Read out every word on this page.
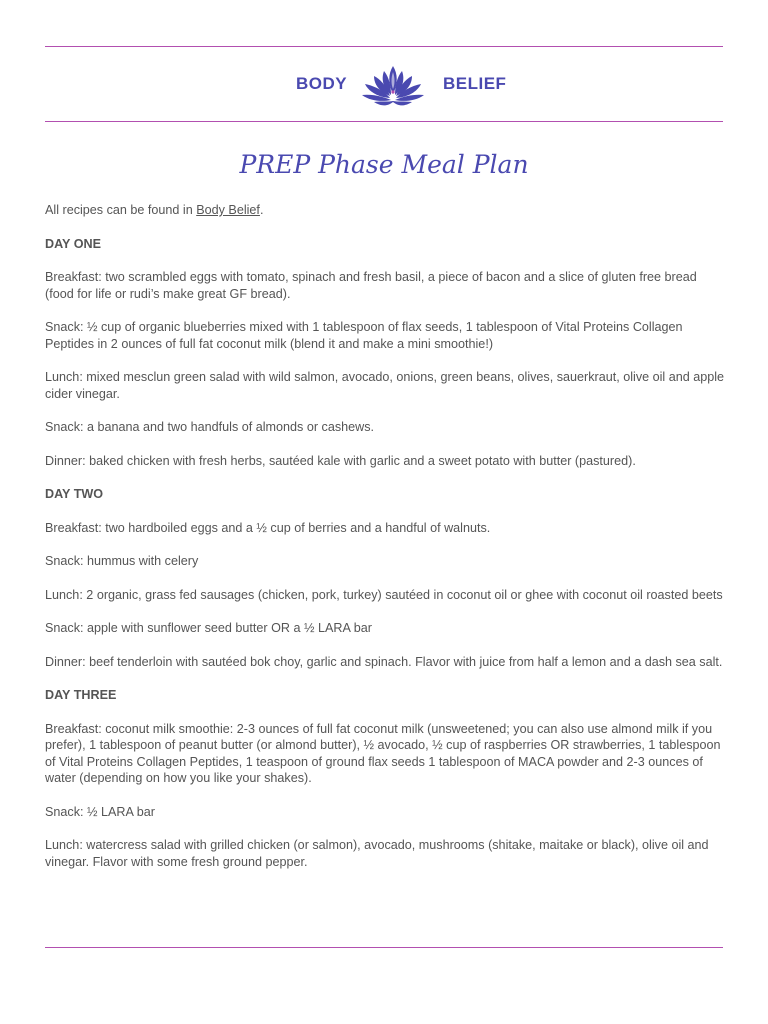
BODY	BELIEF
PREP Phase Meal Plan

All recipes can be found in Body Belief.

DAY ONE

Breakfast: two scrambled eggs with tomato, spinach and fresh basil, a piece of bacon and a slice of gluten free bread (food for life or rudi’s make great GF bread).

Snack: ½ cup of organic blueberries mixed with 1 tablespoon of flax seeds, 1 tablespoon of Vital Proteins Collagen Peptides in 2 ounces of full fat coconut milk (blend it and make a mini smoothie!)

Lunch: mixed mesclun green salad with wild salmon, avocado, onions, green beans, olives, sauerkraut, olive oil and apple cider vinegar.

Snack: a banana and two handfuls of almonds or cashews.

Dinner: baked chicken with fresh herbs, sautéed kale with garlic and a sweet potato with butter (pastured).

DAY TWO

Breakfast: two hardboiled eggs and a ½ cup of berries and a handful of walnuts.

Snack: hummus with celery

Lunch: 2 organic, grass fed sausages (chicken, pork, turkey) sautéed in coconut oil or ghee with coconut oil roasted beets

Snack: apple with sunflower seed butter OR a ½ LARA bar

Dinner: beef tenderloin with sautéed bok choy, garlic and spinach. Flavor with juice from half a lemon and a dash sea salt.

DAY THREE

Breakfast: coconut milk smoothie: 2-3 ounces of full fat coconut milk (unsweetened; you can also use almond milk if you prefer), 1 tablespoon of peanut butter (or almond butter), ½ avocado, ½ cup of raspberries OR strawberries, 1 tablespoon of Vital Proteins Collagen Peptides, 1 teaspoon of ground flax seeds 1 tablespoon of MACA powder and 2-3 ounces of water (depending on how you like your shakes).

Snack: ½ LARA bar

Lunch: watercress salad with grilled chicken (or salmon), avocado, mushrooms (shitake, maitake or black), olive oil and vinegar. Flavor with some fresh ground pepper.
